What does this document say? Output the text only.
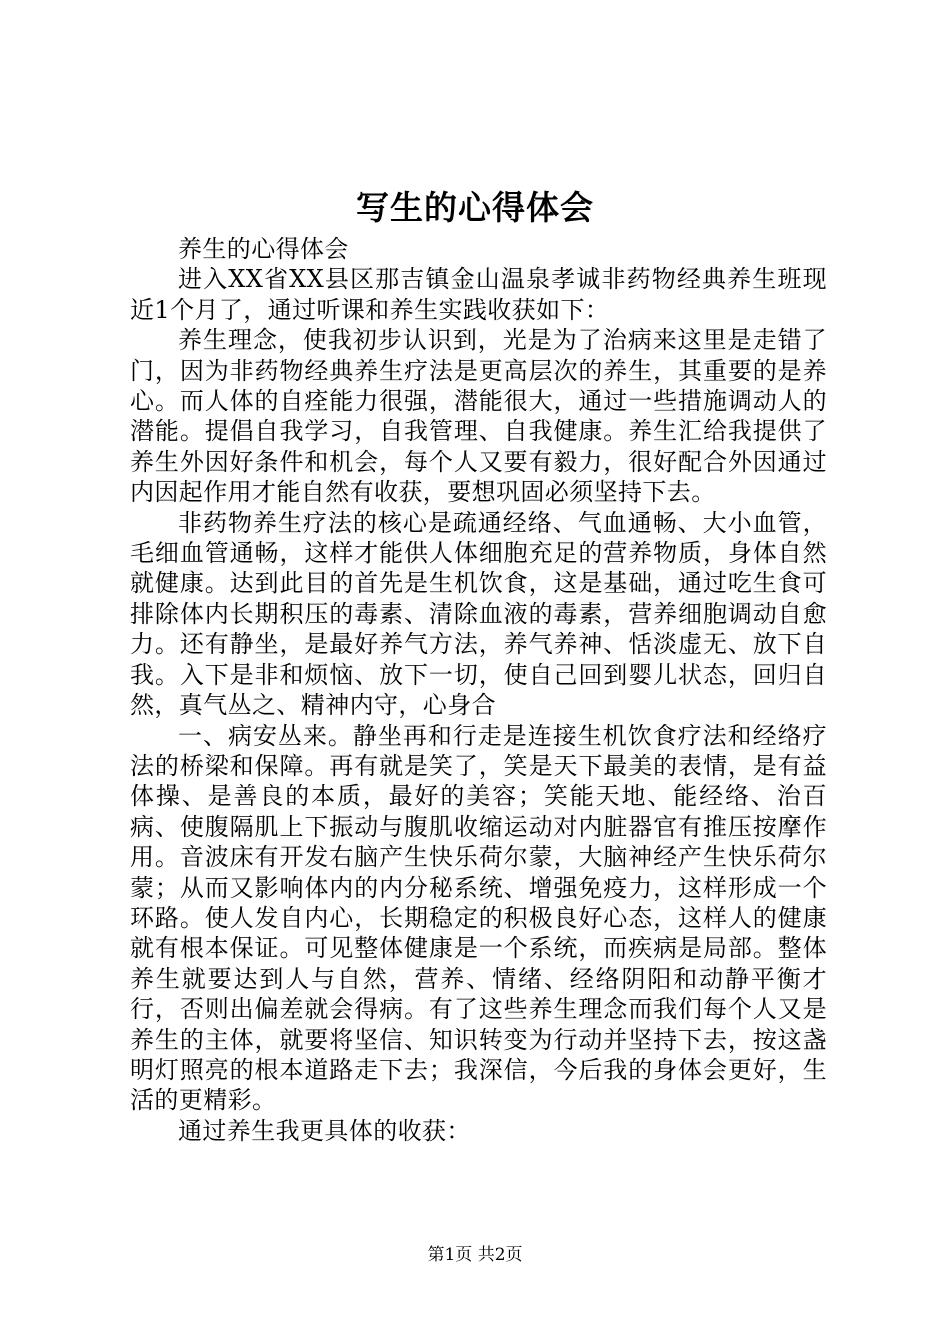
写生的心得体会

养生的心得体会

进入XX省XX县区那吉镇金山温泉孝诚非药物经典养生班现近1个月了，通过听课和养生实践收获如下：

养生理念，使我初步认识到，光是为了治病来这里是走错了门，因为非药物经典养生疗法是更高层次的养生，其重要的是养心。而人体的自痊能力很强，潜能很大，通过一些措施调动人的潜能。提倡自我学习，自我管理、自我健康。养生汇给我提供了养生外因好条件和机会，每个人又要有毅力，很好配合外因通过内因起作用才能自然有收获，要想巩固必须坚持下去。

非药物养生疗法的核心是疏通经络、气血通畅、大小血管，毛细血管通畅，这样才能供人体细胞充足的营养物质，身体自然就健康。达到此目的首先是生机饮食，这是基础，通过吃生食可排除体内长期积压的毒素、清除血液的毒素，营养细胞调动自愈力。还有静坐，是最好养气方法，养气养神、恬淡虚无、放下自我。入下是非和烦恼、放下一切，使自己回到婴儿状态，回归自然，真气丛之、精神内守，心身合

一、病安丛来。静坐再和行走是连接生机饮食疗法和经络疗法的桥梁和保障。再有就是笑了，笑是天下最美的表情，是有益体操、是善良的本质，最好的美容；笑能天地、能经络、治百病、使腹隔肌上下振动与腹肌收缩运动对内脏器官有推压按摩作用。音波床有开发右脑产生快乐荷尔蒙，大脑神经产生快乐荷尔蒙；从而又影响体内的内分秘系统、增强免疫力，这样形成一个环路。使人发自内心，长期稳定的积极良好心态，这样人的健康就有根本保证。可见整体健康是一个系统，而疾病是局部。整体养生就要达到人与自然，营养、情绪、经络阴阳和动静平衡才行，否则出偏差就会得病。有了这些养生理念而我们每个人又是养生的主体，就要将坚信、知识转变为行动并坚持下去，按这盏明灯照亮的根本道路走下去；我深信，今后我的身体会更好，生活的更精彩。

通过养生我更具体的收获：

第1页 共2页
